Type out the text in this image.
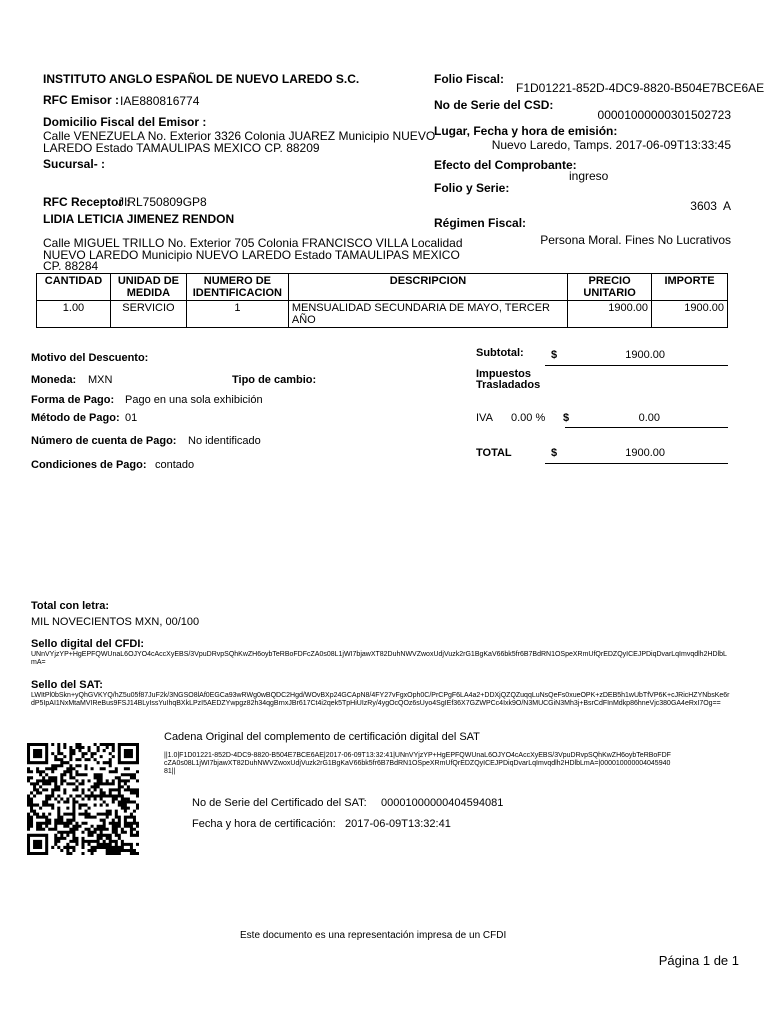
INSTITUTO ANGLO ESPAÑOL DE NUEVO LAREDO S.C.
RFC Emisor : IAE880816774
Domicilio Fiscal del Emisor :
Calle VENEZUELA No. Exterior 3326 Colonia JUAREZ Municipio NUEVO
LAREDO Estado TAMAULIPAS MEXICO CP. 88209
Sucursal- :
Folio Fiscal:
F1D01221-852D-4DC9-8820-B504E7BCE6AE
No de Serie del CSD:
00001000000301502723
Lugar, Fecha y hora de emisión:
Nuevo Laredo, Tamps. 2017-06-09T13:33:45
Efecto del Comprobante:
ingreso
Folio y Serie:
3603  A
Régimen Fiscal:
Persona Moral. Fines No Lucrativos
RFC Receptor :
JIRL750809GP8
LIDIA LETICIA JIMENEZ RENDON
Calle MIGUEL TRILLO No. Exterior 705 Colonia FRANCISCO VILLA Localidad
NUEVO LAREDO Municipio NUEVO LAREDO Estado TAMAULIPAS MEXICO
CP. 88284
CANTIDAD	UNIDAD DE MEDIDA	NUMERO DE IDENTIFICACION	DESCRIPCION	PRECIO UNITARIO	IMPORTE
1.00	SERVICIO	1	MENSUALIDAD SECUNDARIA DE MAYO, TERCER AÑO	1900.00	1900.00
Motivo del Descuento:
Moneda: MXN	Tipo de cambio:
Forma de Pago: Pago en una sola exhibición
Método de Pago: 01
Número de cuenta de Pago: No identificado
Condiciones de Pago: contado
Subtotal: $	1900.00
Impuestos
Trasladados
IVA 0.00 % $	0.00
TOTAL	$	1900.00
Total con letra:
MIL NOVECIENTOS MXN, 00/100
Sello digital del CFDI:
UNnVYjzYP+HgEPFQWUnaL6OJYO4cAccXyEBS/3VpuDRvpSQhKwZH6oybTeRBoFDFcZA0s08L1jWI7bjawXT82DuhNWVZwoxUdjVuzk2rG1BgKaV66bk5fr6B7BdRN1OSpeXRmUfQrEDZQyICEJPDiqDvarLqImvqdlh2HDlbLmA=
Sello del SAT:
LWItPl0bSkn+yQhGVKYQ/hZ5u05f87JuF2k/3NGSO8lAf0EGCa93wRWg0wBQDC2Hgd/WOvBXp24GCApN8/4FY27vFgxOph0C/PrCPgF6LA4a2+DDXjQZQZuqqLuNsQeFs0xueOPK+zDEB5h1wUbTfVP6K+cJRicHZYNbsKe6rdP5IpAI1NxMtaMVIReBus9FSJ14BLyIssYuIhqBXkLPzI5AEDZYwpgz82h34qgBrnxJBr617Ct4i2qek5TpHiUIzRy/4ygOcQOz6sUyo4SgIEf36X7GZWPCc4Ixk9O/N3MUCGiN3Mh3j+BsrCdFInMdkp86hneVjc380GA4eRxI7Og==
Cadena Original del complemento de certificación digital del SAT
||1.0|F1D01221-852D-4DC9-8820-B504E7BCE6AE|2017-06-09T13:32:41|UNnVYjzYP+HgEPFQWUnaL6OJYO4cAccXyEBS/3VpuDRvpSQhKwZH6oybTeRBoFDFcZA0s08L1jWI7bjawXT82DuhNWVZwoxUdjVuzk2rG1BgKaV66bk5fr6B7BdRN1OSpeXRmUfQrEDZQyICEJPDiqDvarLqImvqdlh2HDlbLmA=|00001000000404594081||
No de Serie del Certificado del SAT: 00001000000404594081
Fecha y hora de certificación: 2017-06-09T13:32:41
Este documento es una representación impresa de un CFDI
Página 1 de 1
